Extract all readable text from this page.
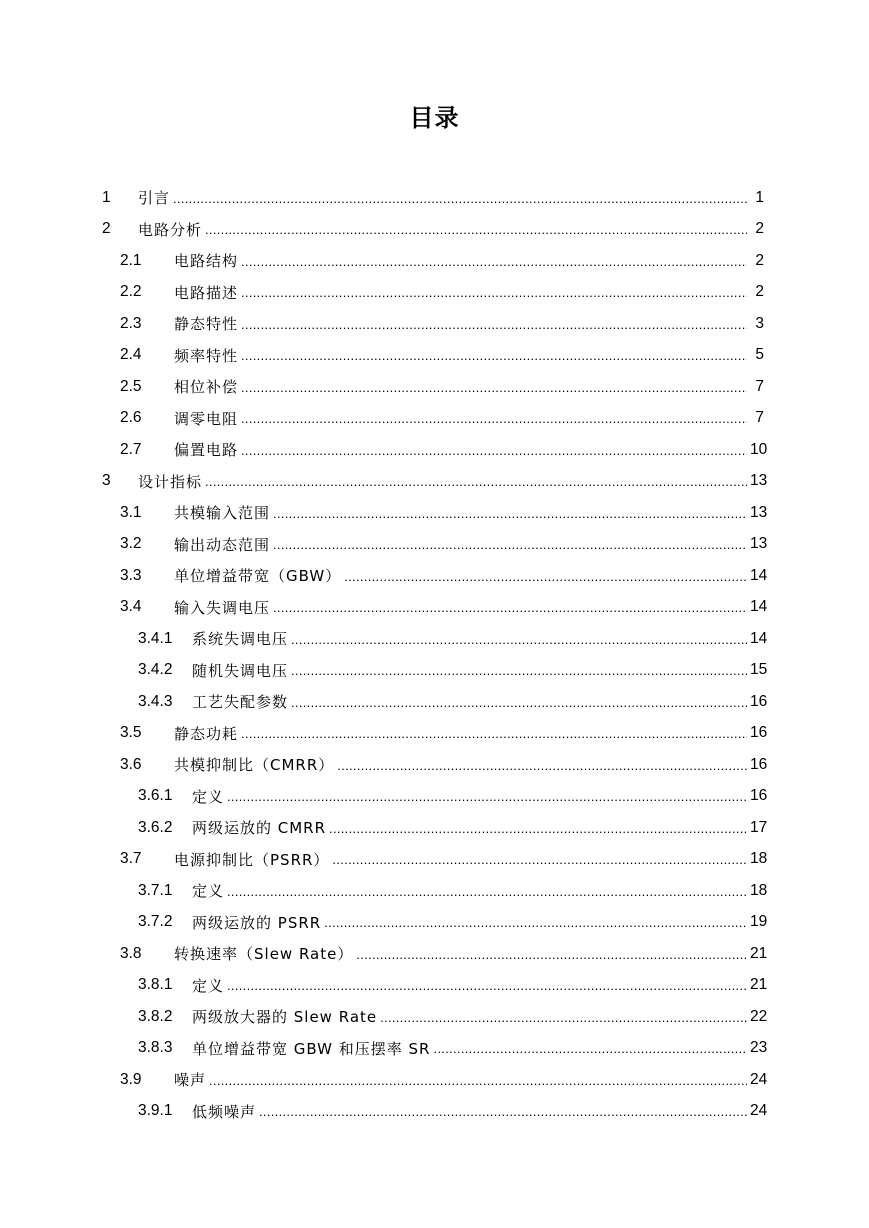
目录
1 引言 .....	1
2 电路分析 .....	2
2.1 电路结构 .....	2
2.2 电路描述 .....	2
2.3 静态特性 .....	3
2.4 频率特性 .....	5
2.5 相位补偿 .....	7
2.6 调零电阻 .....	7
2.7 偏置电路 .....	10
3 设计指标 .....	13
3.1 共模输入范围 .....	13
3.2 输出动态范围 .....	13
3.3 单位增益带宽（GBW） .....	14
3.4 输入失调电压 .....	14
3.4.1 系统失调电压 .....	14
3.4.2 随机失调电压 .....	15
3.4.3 工艺失配参数 .....	16
3.5 静态功耗 .....	16
3.6 共模抑制比（CMRR） .....	16
3.6.1 定义 .....	16
3.6.2 两级运放的 CMRR .....	17
3.7 电源抑制比（PSRR） .....	18
3.7.1 定义 .....	18
3.7.2 两级运放的 PSRR .....	19
3.8 转换速率（Slew Rate） .....	21
3.8.1 定义 .....	21
3.8.2 两级放大器的 Slew Rate .....	22
3.8.3 单位增益带宽 GBW 和压摆率 SR .....	23
3.9 噪声 .....	24
3.9.1 低频噪声 .....	24
